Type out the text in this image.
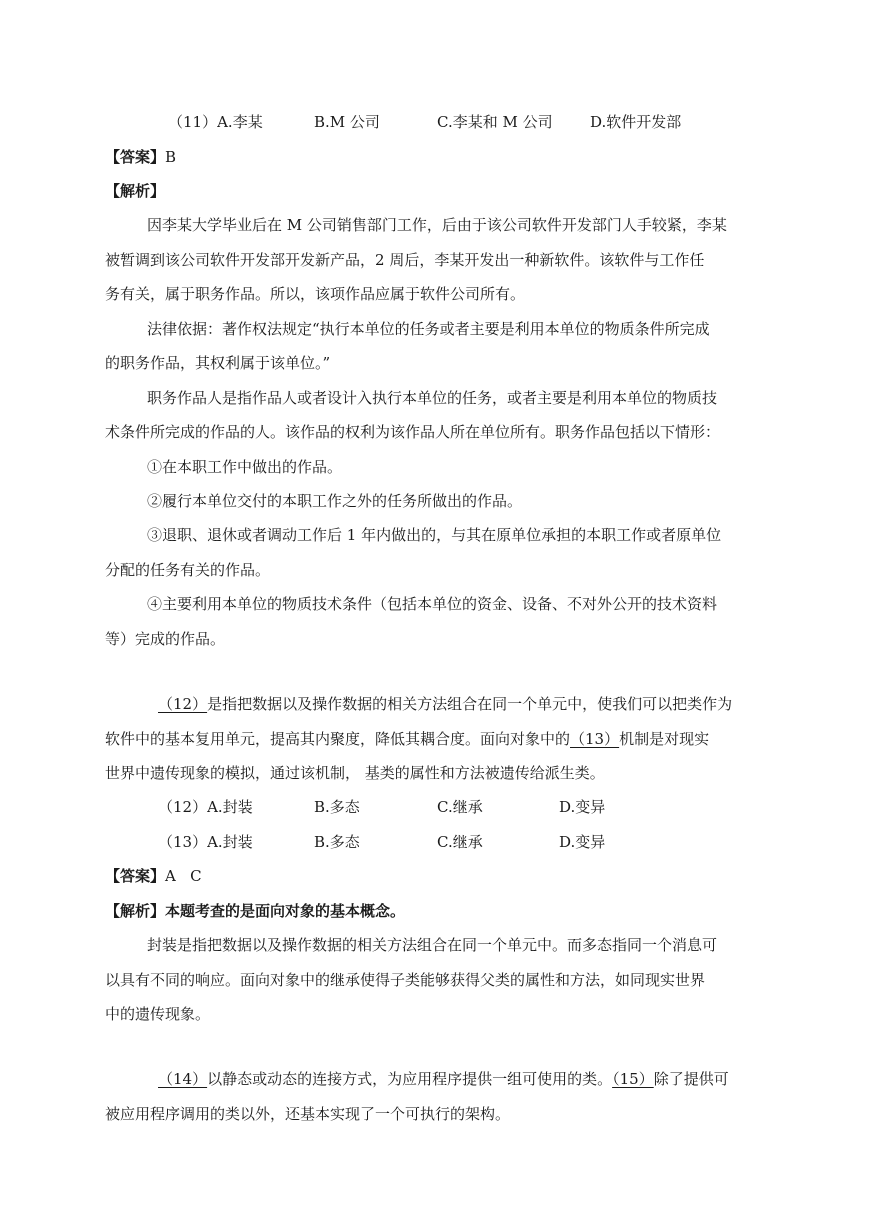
（11）A.李某	B.M 公司	C.李某和 M 公司 D.软件开发部
【答案】B
【解析】
因李某大学毕业后在 M 公司销售部门工作，后由于该公司软件开发部门人手较紧，李某
被暂调到该公司软件开发部开发新产品，2 周后，李某开发出一种新软件。该软件与工作任
务有关，属于职务作品。所以，该项作品应属于软件公司所有。
法律依据：著作权法规定“执行本单位的任务或者主要是利用本单位的物质条件所完成
的职务作品，其权利属于该单位。”
职务作品人是指作品人或者设计入执行本单位的任务，或者主要是利用本单位的物质技
术条件所完成的作品的人。该作品的权利为该作品人所在单位所有。职务作品包括以下情形：
①在本职工作中做出的作品。
②履行本单位交付的本职工作之外的任务所做出的作品。
③退职、退休或者调动工作后 1 年内做出的，与其在原单位承担的本职工作或者原单位
分配的任务有关的作品。
④主要利用本单位的物质技术条件（包括本单位的资金、设备、不对外公开的技术资料
等）完成的作品。
（12）是指把数据以及操作数据的相关方法组合在同一个单元中，使我们可以把类作为
软件中的基本复用单元，提高其内聚度，降低其耦合度。面向对象中的（13）机制是对现实
世界中遗传现象的模拟，通过该机制， 基类的属性和方法被遗传给派生类。
（12）A.封装	B.多态	C.继承	D.变异
（13）A.封装	B.多态	C.继承	D.变异
【答案】A   C
【解析】本题考查的是面向对象的基本概念。
封装是指把数据以及操作数据的相关方法组合在同一个单元中。而多态指同一个消息可
以具有不同的响应。面向对象中的继承使得子类能够获得父类的属性和方法，如同现实世界
中的遗传现象。
（14）以静态或动态的连接方式，为应用程序提供一组可使用的类。（15）除了提供可
被应用程序调用的类以外，还基本实现了一个可执行的架构。
